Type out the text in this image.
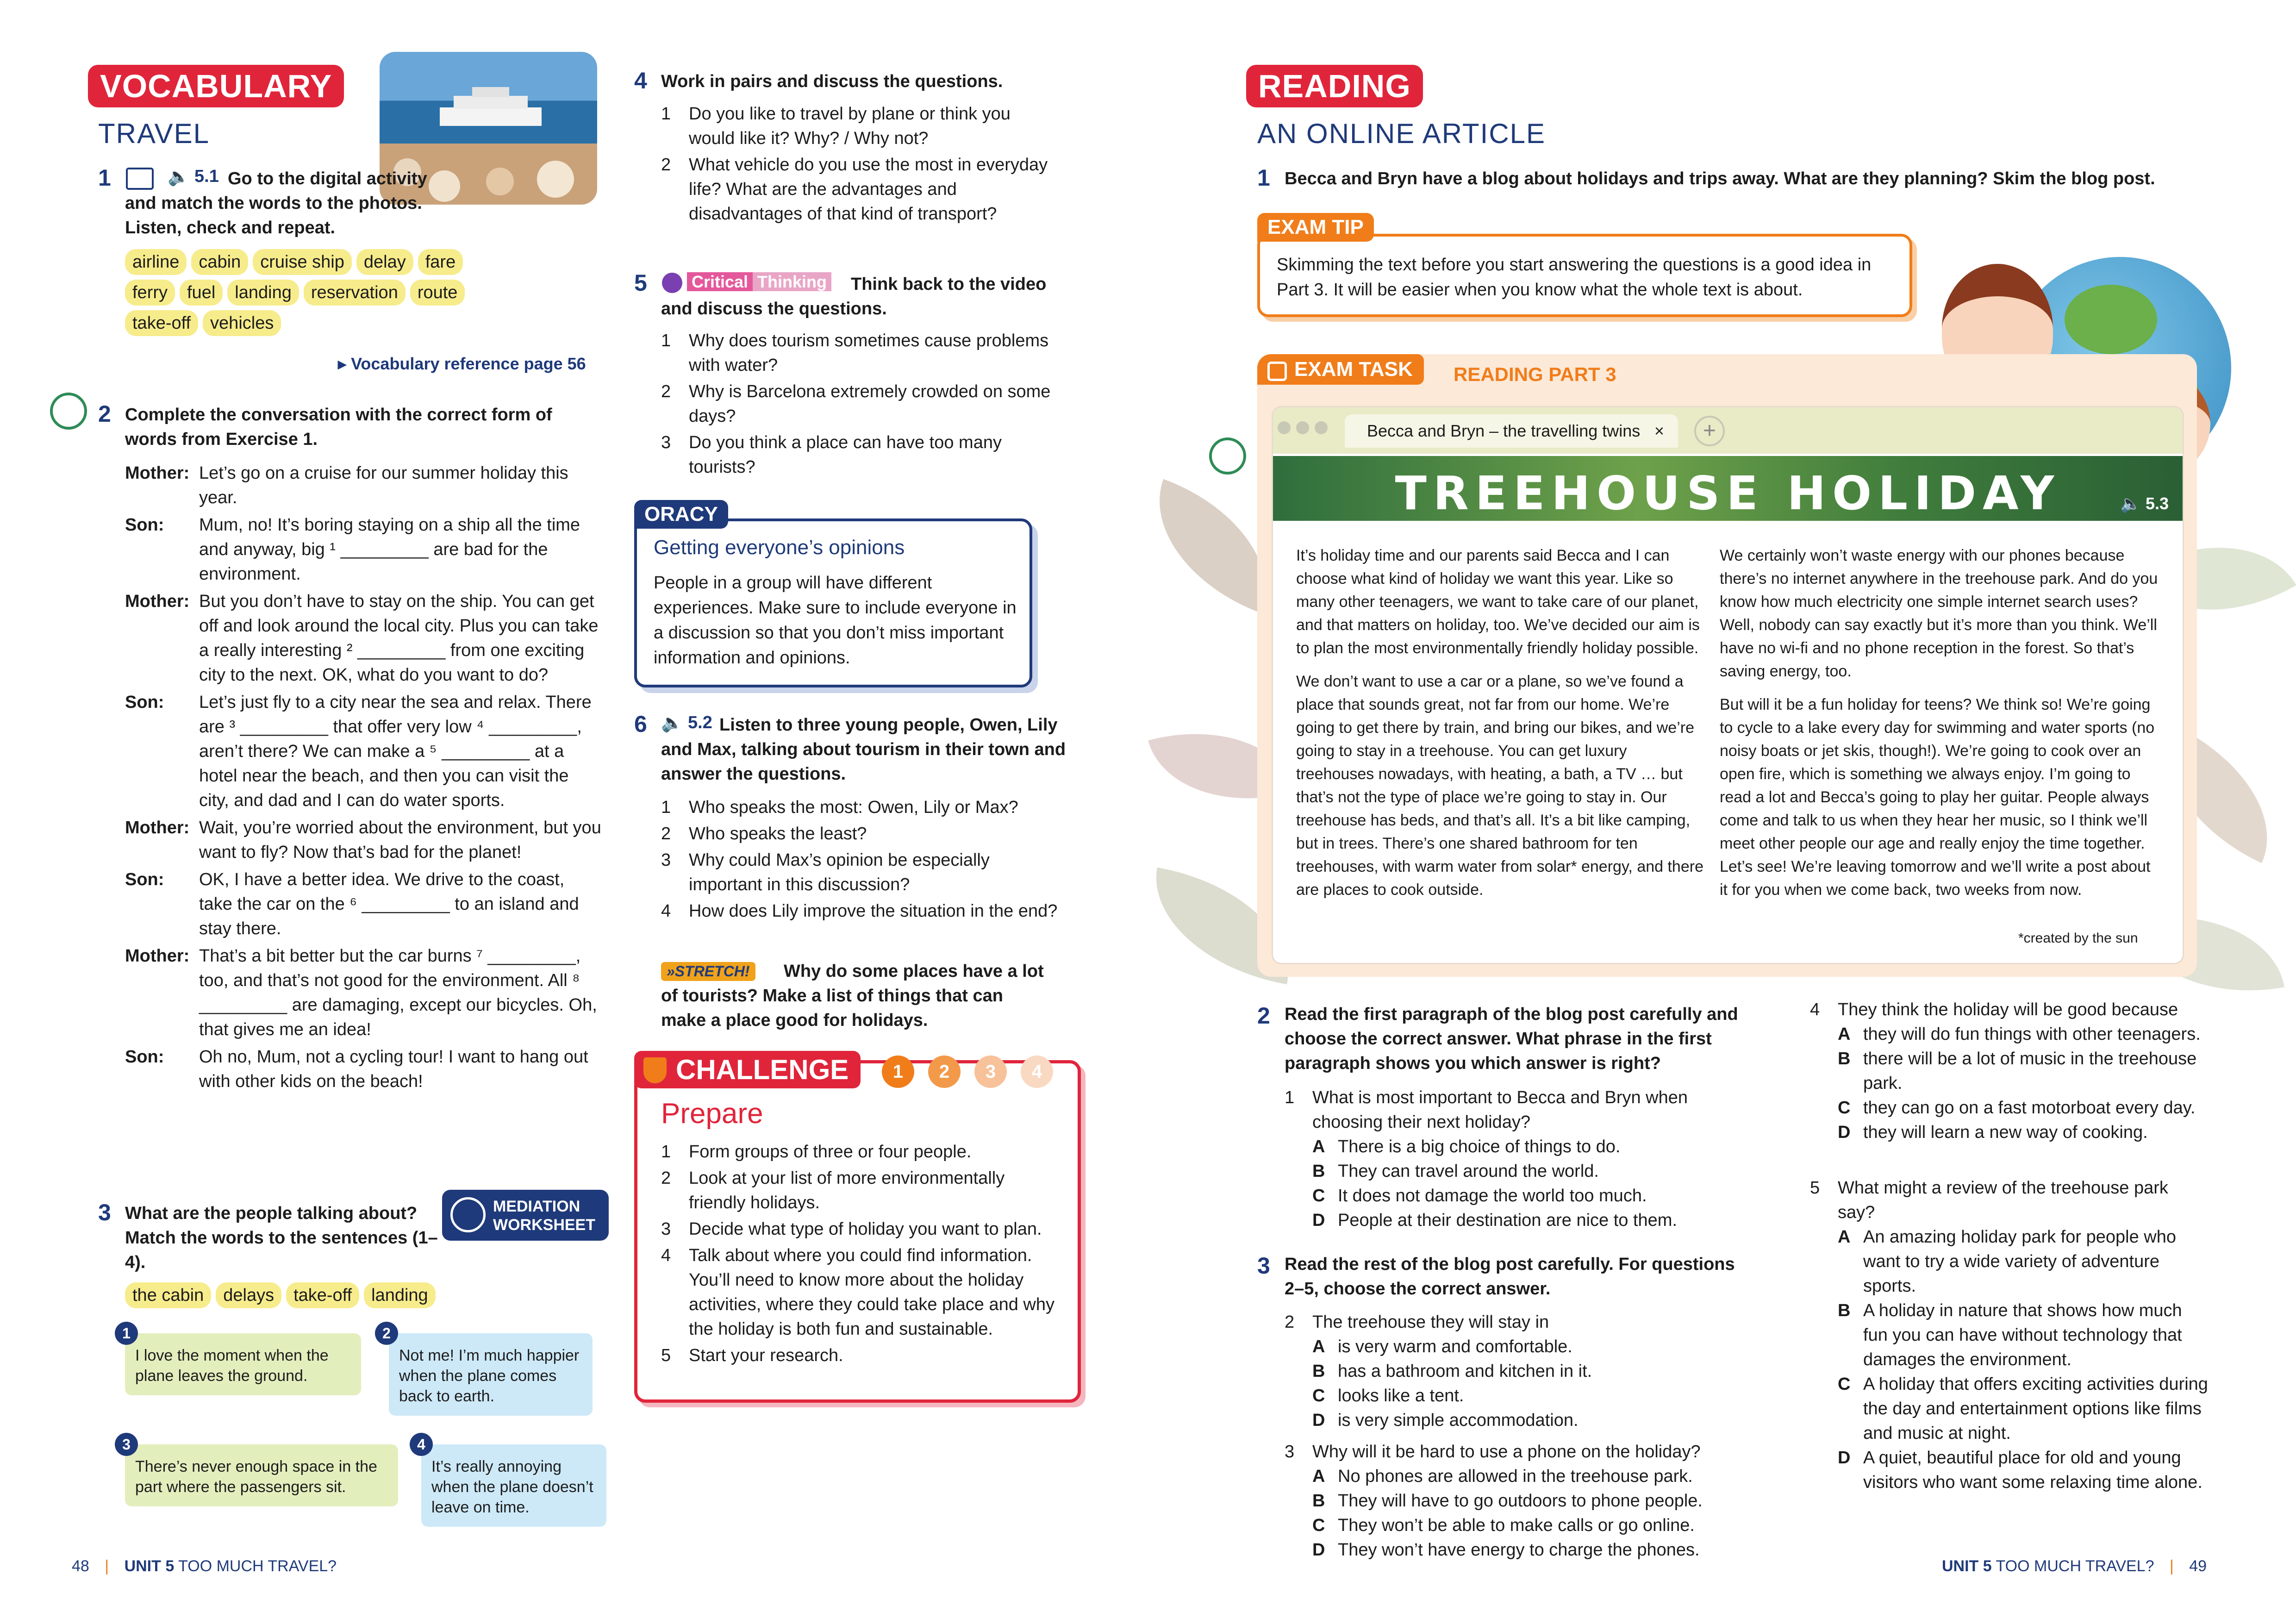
VOCABULARY
TRAVEL
1	🔈 5.1 Go to the digital activity and match the words to the photos. Listen, check and repeat.
airline cabin cruise ship delay fare
ferry fuel landing reservation route
take-off vehicles
▸ Vocabulary reference page 56
2 Complete the conversation with the correct form of words from Exercise 1.
Mother: Let’s go on a cruise for our summer holiday this year.
Son: Mum, no! It’s boring staying on a ship all the time and anyway, big ¹ _________ are bad for the environment.
Mother: But you don’t have to stay on the ship. You can get off and look around the local city. Plus you can take a really interesting ² _________ from one exciting city to the next. OK, what do you want to do?
Son: Let’s just fly to a city near the sea and relax. There are ³ _________ that offer very low ⁴ _________, aren’t there? We can make a ⁵ _________ at a hotel near the beach, and then you can visit the city, and dad and I can do water sports.
Mother: Wait, you’re worried about the environment, but you want to fly? Now that’s bad for the planet!
Son: OK, I have a better idea. We drive to the coast, take the car on the ⁶ _________ to an island and stay there.
Mother: That’s a bit better but the car burns ⁷ _________, too, and that’s not good for the environment. All ⁸ _________ are damaging, except our bicycles. Oh, that gives me an idea!
Son: Oh no, Mum, not a cycling tour! I want to hang out with other kids on the beach!
3 What are the people talking about? Match the words to the sentences (1–4).
MEDIATION WORKSHEET
the cabin delays take-off landing
I love the moment when the plane leaves the ground.
1
Not me! I’m much happier when the plane comes back to earth.
2
There’s never enough space in the part where the passengers sit.
3
It’s really annoying when the plane doesn’t leave on time.
4
4 Work in pairs and discuss the questions.
1	Do you like to travel by plane or think you would like it? Why? / Why not?
2	What vehicle do you use the most in everyday life? What are the advantages and disadvantages of that kind of transport?
5	Critical Thinking	Think back to the video and discuss the questions.
1	Why does tourism sometimes cause problems with water?
2	Why is Barcelona extremely crowded on some days?
3	Do you think a place can have too many tourists?
ORACY
Getting everyone’s opinions
People in a group will have different experiences. Make sure to include everyone in a discussion so that you don’t miss important information and opinions.
6 🔈 5.2 Listen to three young people, Owen, Lily and Max, talking about tourism in their town and answer the questions.
1	Who speaks the most: Owen, Lily or Max?
2	Who speaks the least?
3	Why could Max’s opinion be especially important in this discussion?
4	How does Lily improve the situation in the end?
»STRETCH!	Why do some places have a lot of tourists? Make a list of things that can make a place good for holidays.
CHALLENGE	1 2 3 4
Prepare
1	Form groups of three or four people.
2	Look at your list of more environmentally friendly holidays.
3	Decide what type of holiday you want to plan.
4	Talk about where you could find information. You’ll need to know more about the holiday activities, where they could take place and why the holiday is both fun and sustainable.
5	Start your research.
48 | UNIT 5 TOO MUCH TRAVEL?
READING
AN ONLINE ARTICLE
1 Becca and Bryn have a blog about holidays and trips away. What are they planning? Skim the blog post.
EXAM TIP
Skimming the text before you start answering the questions is a good idea in Part 3. It will be easier when you know what the whole text is about.
EXAM TASK	READING PART 3
Becca and Bryn – the travelling twins ×	+
TREEHOUSE HOLIDAY	🔈 5.3

It’s holiday time and our parents said Becca and I can choose what kind of holiday we want this year. Like so many other teenagers, we want to take care of our planet, and that matters on holiday, too. We’ve decided our aim is to plan the most environmentally friendly holiday possible.

We don’t want to use a car or a plane, so we’ve found a place that sounds great, not far from our home. We’re going to get there by train, and bring our bikes, and we’re going to stay in a treehouse. You can get luxury treehouses nowadays, with heating, a bath, a TV … but that’s not the type of place we’re going to stay in. Our treehouse has beds, and that’s all. It’s a bit like camping, but in trees. There’s one shared bathroom for ten treehouses, with warm water from solar* energy, and there are places to cook outside.

We certainly won’t waste energy with our phones because there’s no internet anywhere in the treehouse park. And do you know how much electricity one simple internet search uses? Well, nobody can say exactly but it’s more than you think. We’ll have no wi-fi and no phone reception in the forest. So that’s saving energy, too.

But will it be a fun holiday for teens? We think so! We’re going to cycle to a lake every day for swimming and water sports (no noisy boats or jet skis, though!). We’re going to cook over an open fire, which is something we always enjoy. I’m going to read a lot and Becca’s going to play her guitar. People always come and talk to us when they hear her music, so I think we’ll meet other people our age and really enjoy the time together. Let’s see! We’re leaving tomorrow and we’ll write a post about it for you when we come back, two weeks from now.

*created by the sun
2 Read the first paragraph of the blog post carefully and choose the correct answer. What phrase in the first paragraph shows you which answer is right?
1 What is most important to Becca and Bryn when choosing their next holiday?
A There is a big choice of things to do.
B They can travel around the world.
C It does not damage the world too much.
D People at their destination are nice to them.
3 Read the rest of the blog post carefully. For questions 2–5, choose the correct answer.
2 The treehouse they will stay in
A is very warm and comfortable.
B has a bathroom and kitchen in it.
C looks like a tent.
D is very simple accommodation.
3 Why will it be hard to use a phone on the holiday?
A No phones are allowed in the treehouse park.
B They will have to go outdoors to phone people.
C They won’t be able to make calls or go online.
D They won’t have energy to charge the phones.
4 They think the holiday will be good because
A they will do fun things with other teenagers.
B there will be a lot of music in the treehouse park.
C they can go on a fast motorboat every day.
D they will learn a new way of cooking.
5 What might a review of the treehouse park say?
A An amazing holiday park for people who want to try a wide variety of adventure sports.
B A holiday in nature that shows how much fun you can have without technology that damages the environment.
C A holiday that offers exciting activities during the day and entertainment options like films and music at night.
D A quiet, beautiful place for old and young visitors who want some relaxing time alone.
UNIT 5 TOO MUCH TRAVEL? | 49
